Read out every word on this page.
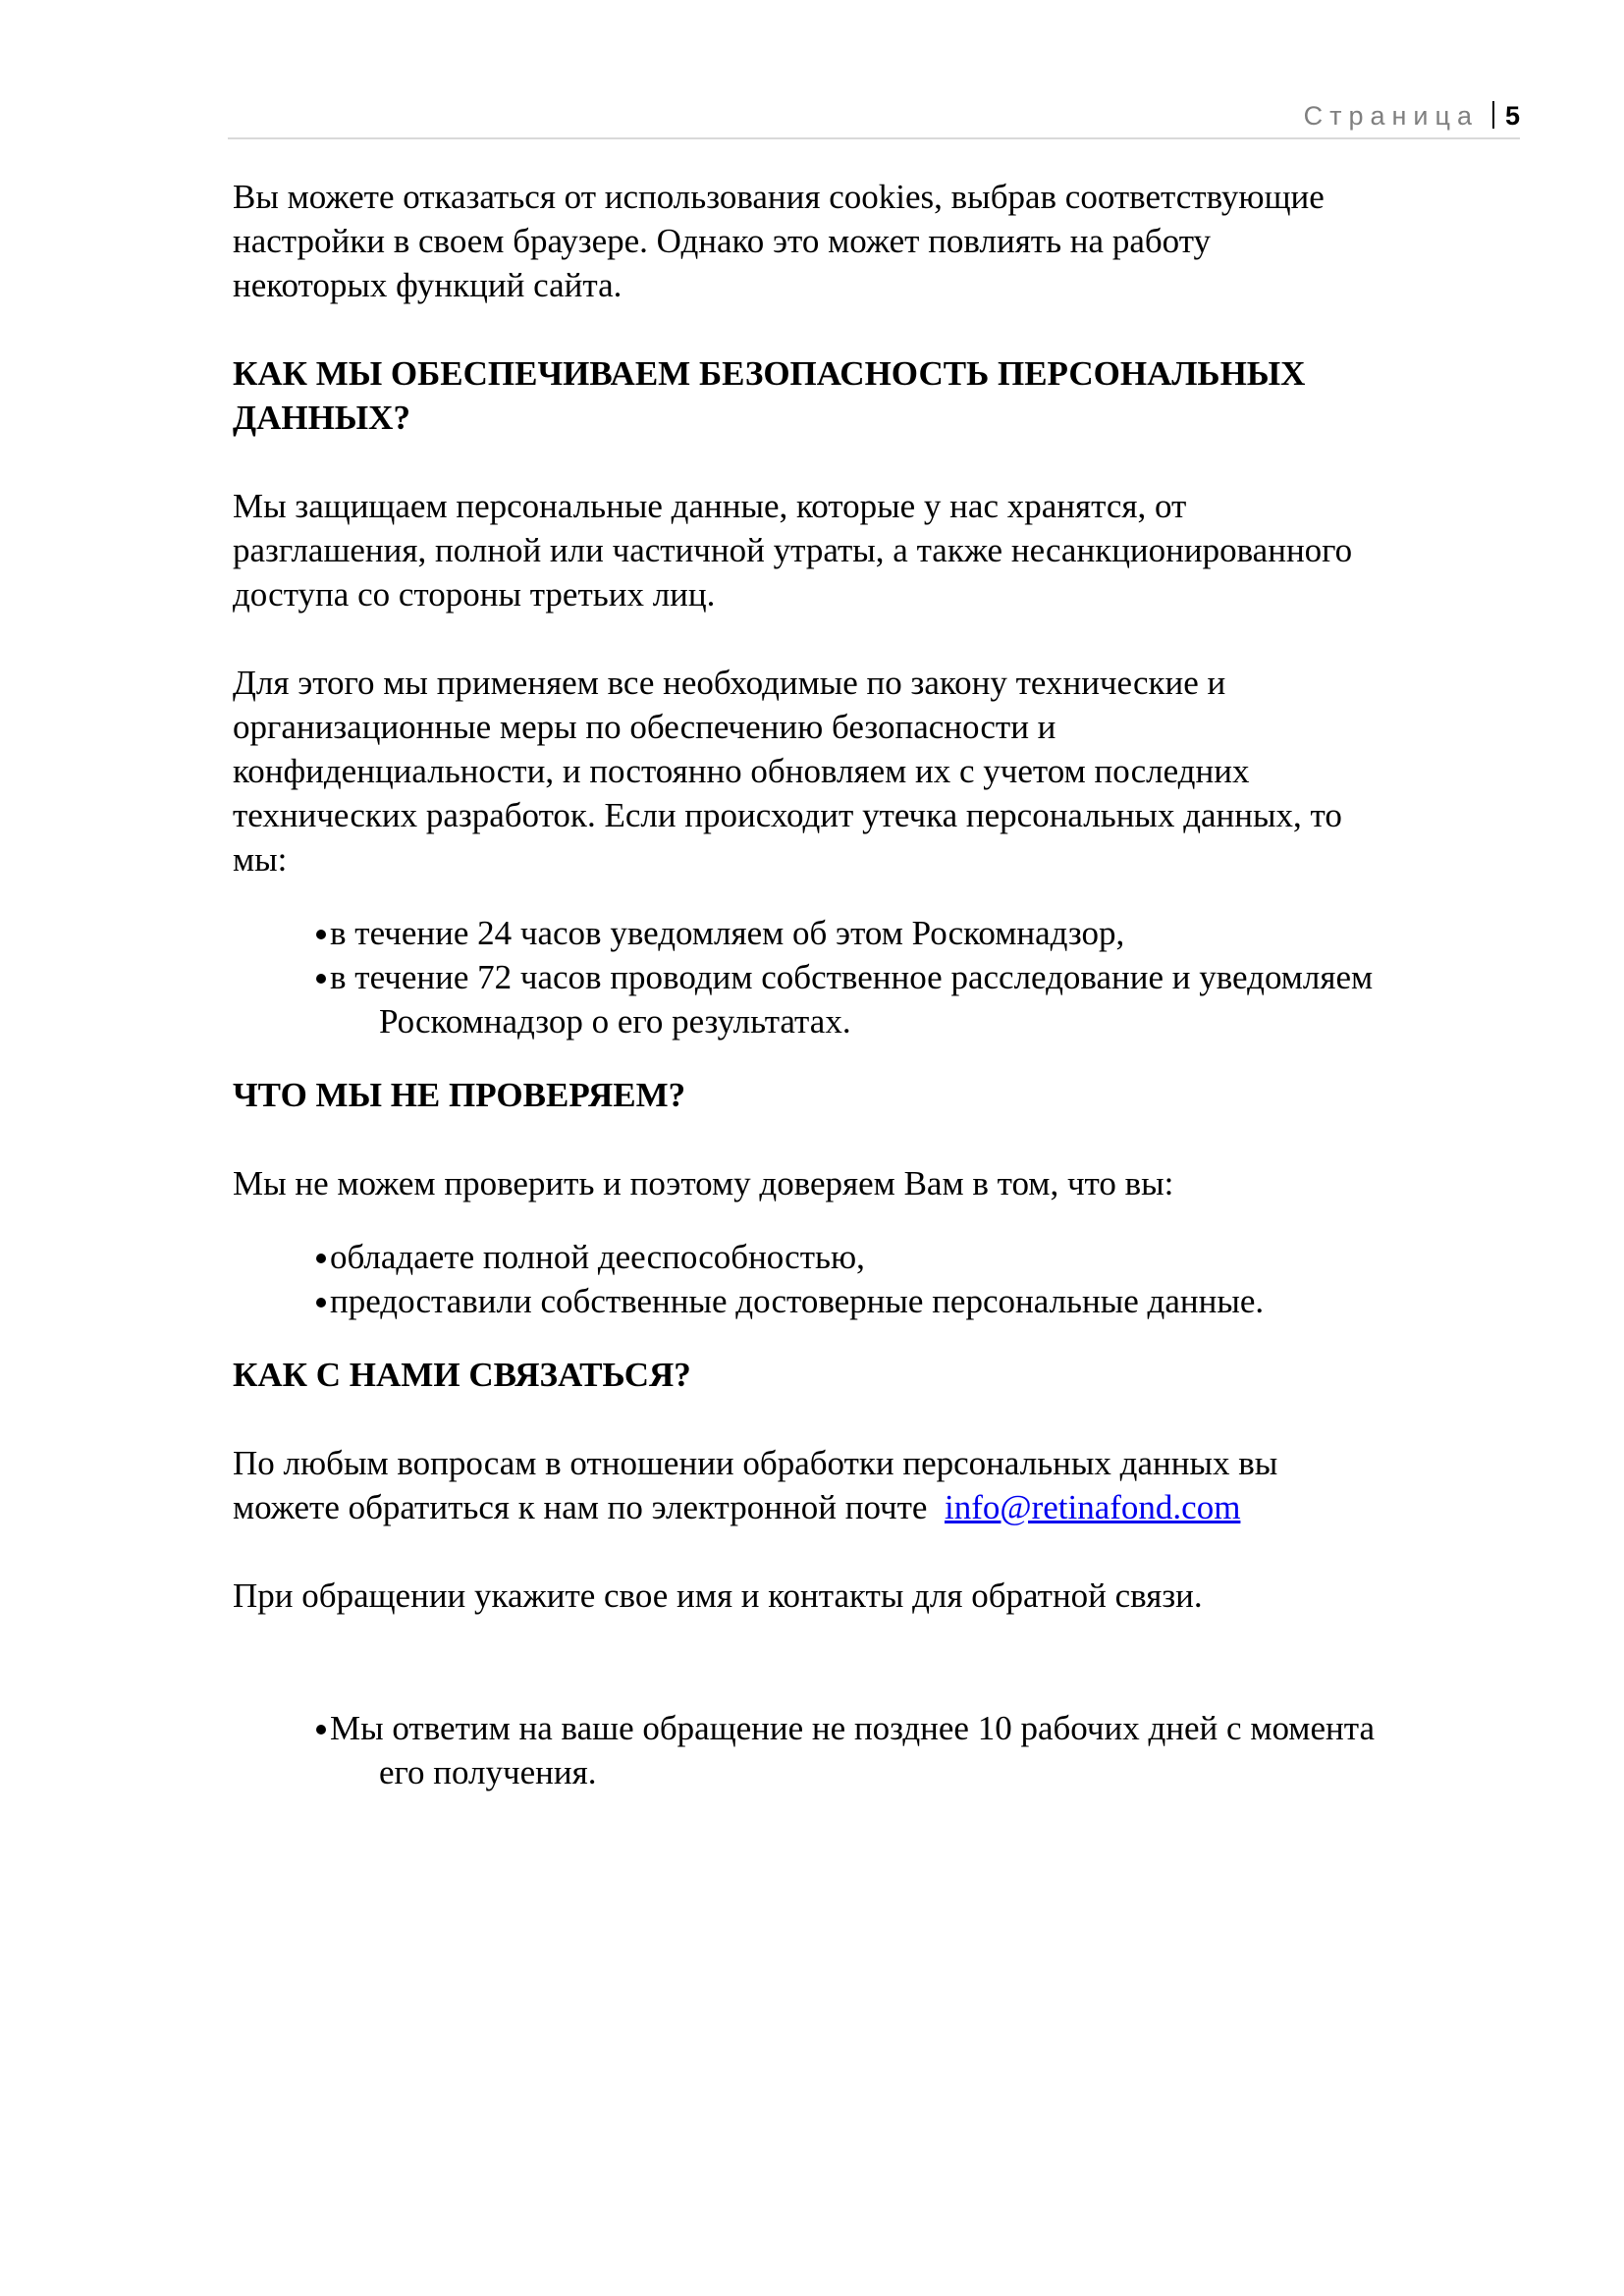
Страница 5

Вы можете отказаться от использования cookies, выбрав соответствующие
настройки в своем браузере. Однако это может повлиять на работу
некоторых функций сайта.

КАК МЫ ОБЕСПЕЧИВАЕМ БЕЗОПАСНОСТЬ ПЕРСОНАЛЬНЫХ
ДАННЫХ?

Мы защищаем персональные данные, которые у нас хранятся, от
разглашения, полной или частичной утраты, а также несанкционированного
доступа со стороны третьих лиц.

Для этого мы применяем все необходимые по закону технические и
организационные меры по обеспечению безопасности и
конфиденциальности, и постоянно обновляем их с учетом последних
технических разработок. Если происходит утечка персональных данных, то
мы:

в течение 24 часов уведомляем об этом Роскомнадзор,
в течение 72 часов проводим собственное расследование и уведомляем
Роскомнадзор о его результатах.
ЧТО МЫ НЕ ПРОВЕРЯЕМ?

Мы не можем проверить и поэтому доверяем Вам в том, что вы:

обладаете полной дееспособностью,
предоставили собственные достоверные персональные данные.
КАК С НАМИ СВЯЗАТЬСЯ?

По любым вопросам в отношении обработки персональных данных вы
можете обратиться к нам по электронной почте info@retinafond.com

При обращении укажите свое имя и контакты для обратной связи.

Мы ответим на ваше обращение не позднее 10 рабочих дней с момента
его получения.
